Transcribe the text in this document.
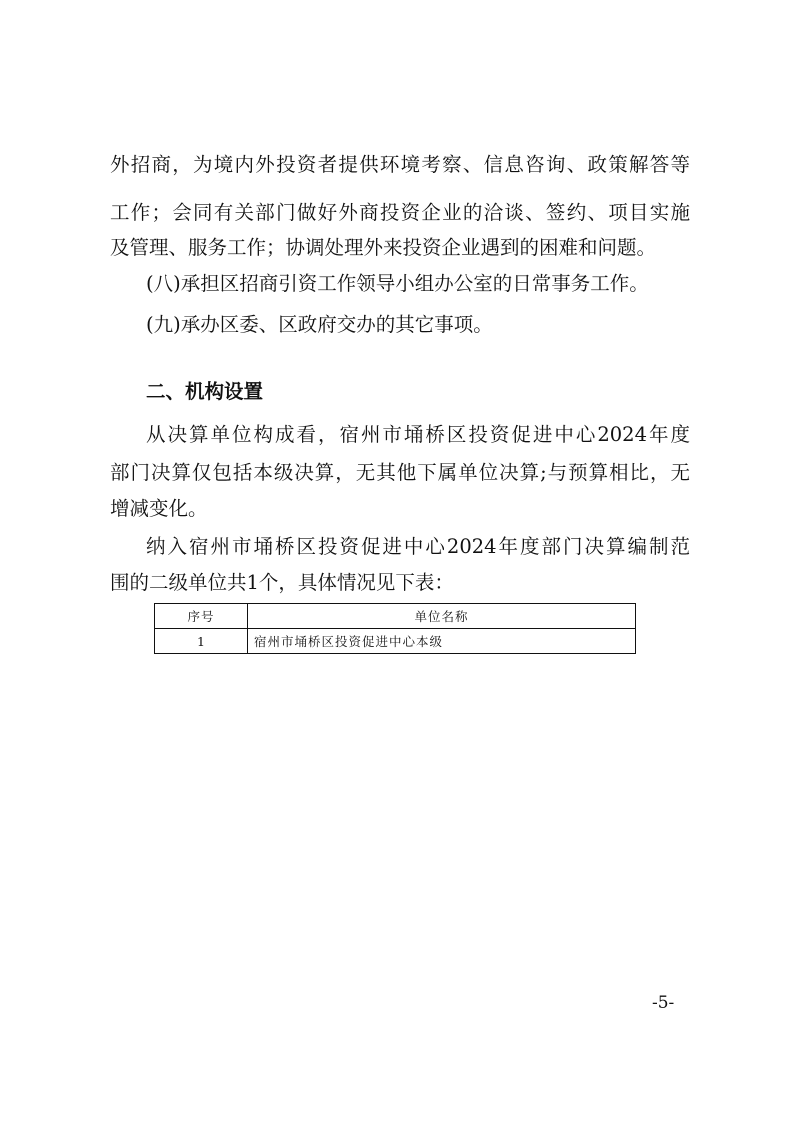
外招商，为境内外投资者提供环境考察、信息咨询、政策解答等

工作；会同有关部门做好外商投资企业的洽谈、签约、项目实施

及管理、服务工作；协调处理外来投资企业遇到的困难和问题。

(八)承担区招商引资工作领导小组办公室的日常事务工作。

(九)承办区委、区政府交办的其它事项。

二、机构设置

从决算单位构成看，宿州市埇桥区投资促进中心2024年度

部门决算仅包括本级决算，无其他下属单位决算;与预算相比，无

增减变化。

纳入宿州市埇桥区投资促进中心2024年度部门决算编制范

围的二级单位共1个，具体情况见下表：

序号	单位名称
1	宿州市埇桥区投资促进中心本级
-5-
